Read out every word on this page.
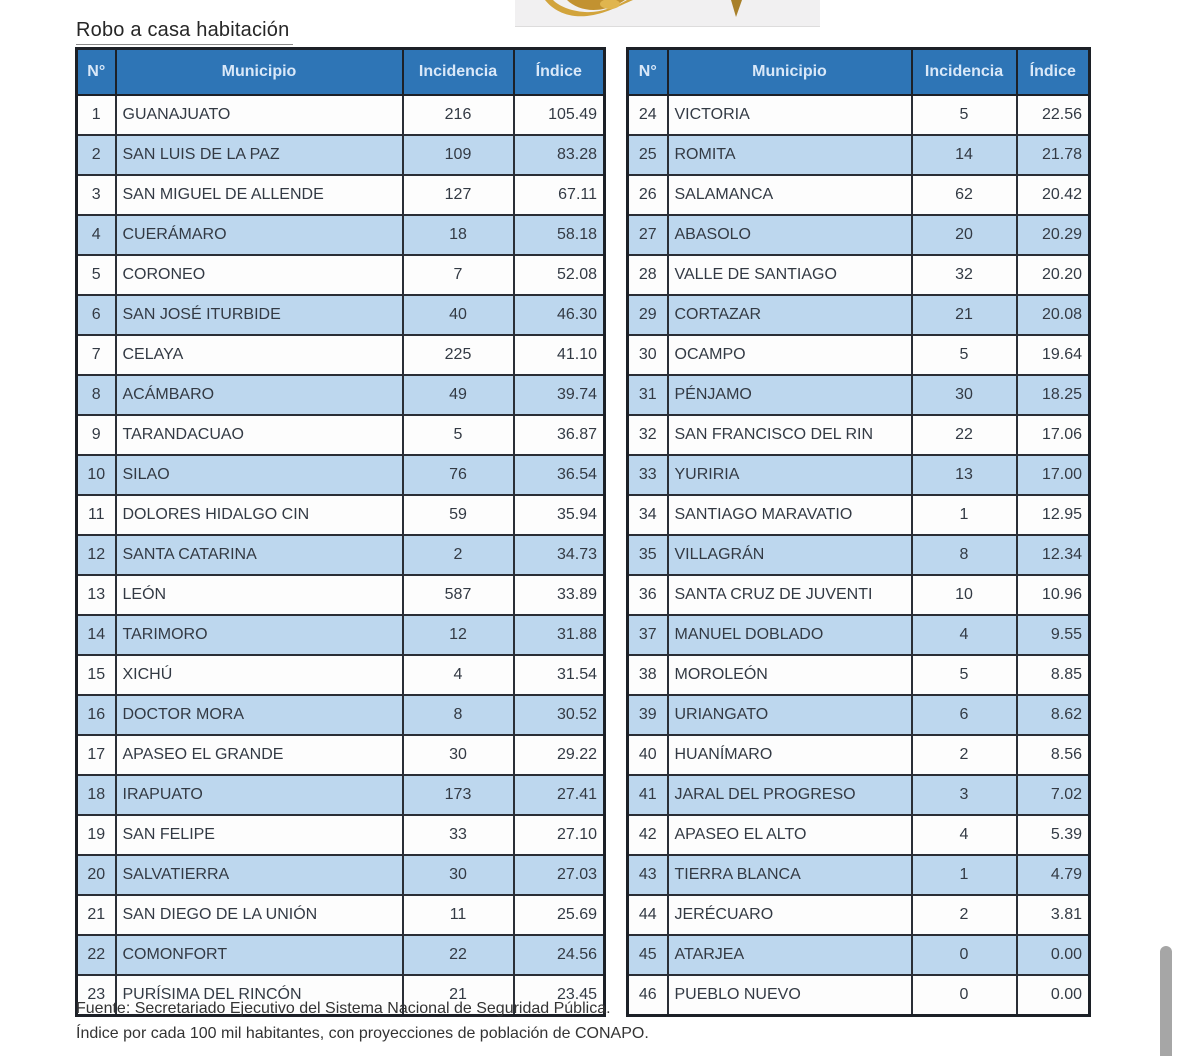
Robo a casa habitación
N°	Municipio	Incidencia	Índice
1	GUANAJUATO	216	105.49
2	SAN LUIS DE LA PAZ	109	83.28
3	SAN MIGUEL DE ALLENDE	127	67.11
4	CUERÁMARO	18	58.18
5	CORONEO	7	52.08
6	SAN JOSÉ ITURBIDE	40	46.30
7	CELAYA	225	41.10
8	ACÁMBARO	49	39.74
9	TARANDACUAO	5	36.87
10	SILAO	76	36.54
11	DOLORES HIDALGO CIN	59	35.94
12	SANTA CATARINA	2	34.73
13	LEÓN	587	33.89
14	TARIMORO	12	31.88
15	XICHÚ	4	31.54
16	DOCTOR MORA	8	30.52
17	APASEO EL GRANDE	30	29.22
18	IRAPUATO	173	27.41
19	SAN FELIPE	33	27.10
20	SALVATIERRA	30	27.03
21	SAN DIEGO DE LA UNIÓN	11	25.69
22	COMONFORT	22	24.56
23	PURÍSIMA DEL RINCÓN	21	23.45
N°	Municipio	Incidencia	Índice
24	VICTORIA	5	22.56
25	ROMITA	14	21.78
26	SALAMANCA	62	20.42
27	ABASOLO	20	20.29
28	VALLE DE SANTIAGO	32	20.20
29	CORTAZAR	21	20.08
30	OCAMPO	5	19.64
31	PÉNJAMO	30	18.25
32	SAN FRANCISCO DEL RIN	22	17.06
33	YURIRIA	13	17.00
34	SANTIAGO MARAVATIO	1	12.95
35	VILLAGRÁN	8	12.34
36	SANTA CRUZ DE JUVENTI	10	10.96
37	MANUEL DOBLADO	4	9.55
38	MOROLEÓN	5	8.85
39	URIANGATO	6	8.62
40	HUANÍMARO	2	8.56
41	JARAL DEL PROGRESO	3	7.02
42	APASEO EL ALTO	4	5.39
43	TIERRA BLANCA	1	4.79
44	JERÉCUARO	2	3.81
45	ATARJEA	0	0.00
46	PUEBLO NUEVO	0	0.00
Fuente: Secretariado Ejecutivo del Sistema Nacional de Seguridad Pública.
Índice por cada 100 mil habitantes, con proyecciones de población de CONAPO.
